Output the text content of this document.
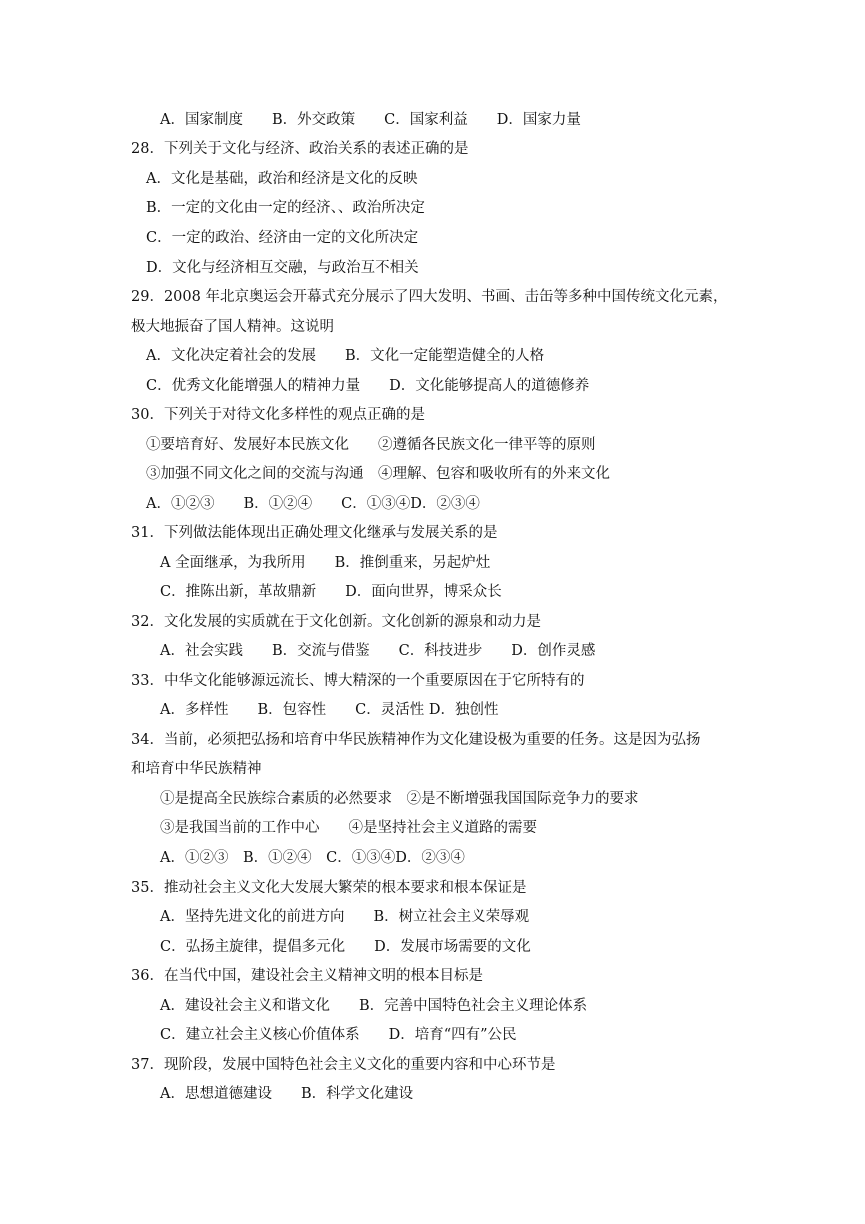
A．国家制度　　B．外交政策　　C．国家利益　　D．国家力量
28．下列关于文化与经济、政治关系的表述正确的是
A．文化是基础，政治和经济是文化的反映
B．一定的文化由一定的经济、、政治所决定
C．一定的政治、经济由一定的文化所决定
D．文化与经济相互交融，与政治互不相关
29．2008 年北京奥运会开幕式充分展示了四大发明、书画、击缶等多种中国传统文化元素，
极大地振奋了国人精神。这说明
A．文化决定着社会的发展　　B．文化一定能塑造健全的人格
C．优秀文化能增强人的精神力量　　D．文化能够提高人的道德修养
30．下列关于对待文化多样性的观点正确的是
①要培育好、发展好本民族文化　　②遵循各民族文化一律平等的原则
③加强不同文化之间的交流与沟通　④理解、包容和吸收所有的外来文化
A．①②③　　B．①②④　　C．①③④D．②③④
31．下列做法能体现出正确处理文化继承与发展关系的是
A 全面继承，为我所用　　B．推倒重来，另起炉灶
C．推陈出新，革故鼎新　　D．面向世界，博采众长
32．文化发展的实质就在于文化创新。文化创新的源泉和动力是
A．社会实践　　B．交流与借鉴　　C．科技进步　　D．创作灵感
33．中华文化能够源远流长、博大精深的一个重要原因在于它所特有的
A．多样性　　B．包容性　　C．灵活性 D．独创性
34．当前，必须把弘扬和培育中华民族精神作为文化建设极为重要的任务。这是因为弘扬
和培育中华民族精神
①是提高全民族综合素质的必然要求　②是不断增强我国国际竞争力的要求
③是我国当前的工作中心　　④是坚持社会主义道路的需要
A．①②③　B．①②④　C．①③④D．②③④
35．推动社会主义文化大发展大繁荣的根本要求和根本保证是
A．坚持先进文化的前进方向　　B．树立社会主义荣辱观
C．弘扬主旋律，提倡多元化　　D．发展市场需要的文化
36．在当代中国，建设社会主义精神文明的根本目标是
A．建设社会主义和谐文化　　B．完善中国特色社会主义理论体系
C．建立社会主义核心价值体系　　D．培育“四有”公民
37．现阶段，发展中国特色社会主义文化的重要内容和中心环节是
A．思想道德建设　　B．科学文化建设
